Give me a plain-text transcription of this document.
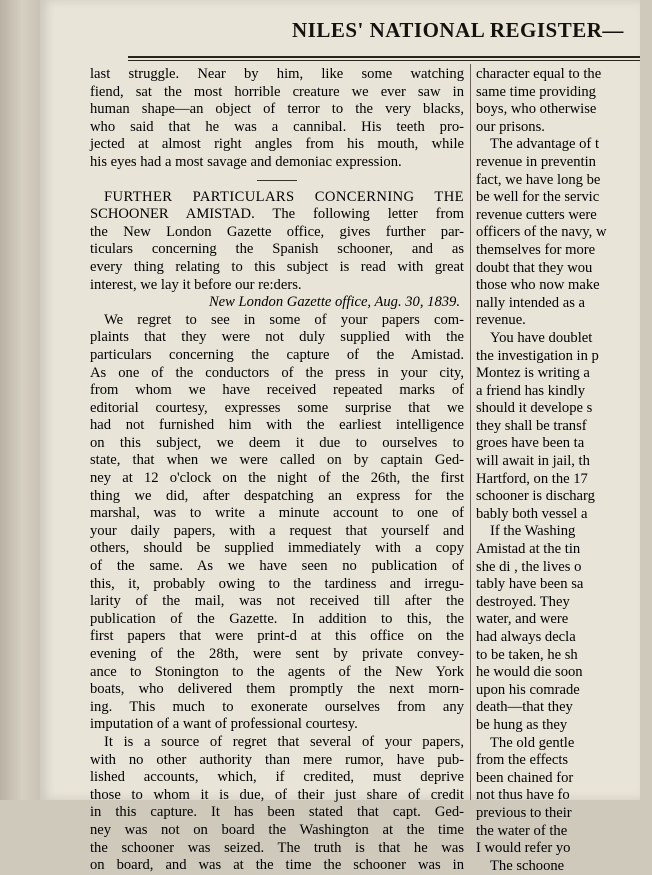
NILES' NATIONAL REGISTER—
last struggle. Near by him, like some watching
fiend, sat the most horrible creature we ever saw in
human shape—an object of terror to the very blacks,
who said that he was a cannibal. His teeth pro-
jected at almost right angles from his mouth, while
his eyes had a most savage and demoniac expression.
FURTHER PARTICULARS CONCERNING THE
SCHOONER AMISTAD. The following letter from
the New London Gazette office, gives further par-
ticulars concerning the Spanish schooner, and as
every thing relating to this subject is read with great
interest, we lay it before our re:ders.
New London Gazette office, Aug. 30, 1839.
We regret to see in some of your papers com-
plaints that they were not duly supplied with the
particulars concerning the capture of the Amistad.
As one of the conductors of the press in your city,
from whom we have received repeated marks of
editorial courtesy, expresses some surprise that we
had not furnished him with the earliest intelligence
on this subject, we deem it due to ourselves to
state, that when we were called on by captain Ged-
ney at 12 o'clock on the night of the 26th, the first
thing we did, after despatching an express for the
marshal, was to write a minute account to one of
your daily papers, with a request that yourself and
others, should be supplied immediately with a copy
of the same. As we have seen no publication of
this, it, probably owing to the tardiness and irregu-
larity of the mail, was not received till after the
publication of the Gazette. In addition to this, the
first papers that were print-d at this office on the
evening of the 28th, were sent by private convey-
ance to Stonington to the agents of the New York
boats, who delivered them promptly the next morn-
ing. This much to exonerate ourselves from any
imputation of a want of professional courtesy.
It is a source of regret that several of your papers,
with no other authority than mere rumor, have pub-
lished accounts, which, if credited, must deprive
those to whom it is due, of their just share of credit
in this capture. It has been stated that capt. Ged-
ney was not on board the Washington at the time
the schooner was seized. The truth is that he was
on board, and was at the time the schooner was in
character equal to the
same time providing
boys, who otherwise
our prisons.
The advantage of t
revenue in preventin
fact, we have long be
be well for the servic
revenue cutters were
officers of the navy, w
themselves for more
doubt that they wou
those who now make
nally intended as a
revenue.
You have doublet
the investigation in p
Montez is writing a
a friend has kindly
should it develope s
they shall be transf
groes have been ta
will await in jail, th
Hartford, on the 17
schooner is discharg
bably both vessel a
If the Washing
Amistad at the tin
she di , the lives o
tably have been sa
destroyed. They
water, and were
had always decla
to be taken, he sh
he would die soon
upon his comrade
death—that they
be hung as they
The old gentle
from the effects
been chained for
not thus have fo
previous to their
the water of the
I would refer yo
The schoone
